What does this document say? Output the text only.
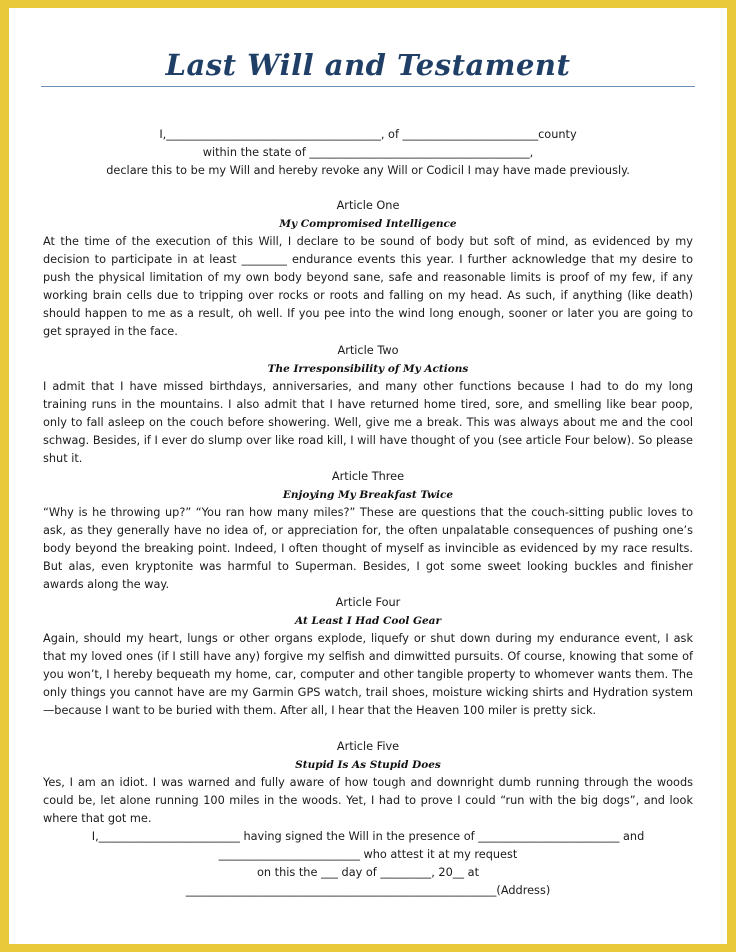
Last Will and Testament
I,______________________________________, of ________________________county
within the state of _______________________________________,
declare this to be my Will and hereby revoke any Will or Codicil I may have made previously.
Article One
My Compromised Intelligence
At the time of the execution of this Will, I declare to be sound of body but soft of mind, as evidenced by my decision to participate in at least ________ endurance events this year. I further acknowledge that my desire to push the physical limitation of my own body beyond sane, safe and reasonable limits is proof of my few, if any working brain cells due to tripping over rocks or roots and falling on my head. As such, if anything (like death) should happen to me as a result, oh well. If you pee into the wind long enough, sooner or later you are going to get sprayed in the face.
Article Two
The Irresponsibility of My Actions
I admit that I have missed birthdays, anniversaries, and many other functions because I had to do my long training runs in the mountains. I also admit that I have returned home tired, sore, and smelling like bear poop, only to fall asleep on the couch before showering. Well, give me a break. This was always about me and the cool schwag. Besides, if I ever do slump over like road kill, I will have thought of you (see article Four below). So please shut it.
Article Three
Enjoying My Breakfast Twice
“Why is he throwing up?” “You ran how many miles?” These are questions that the couch-sitting public loves to ask, as they generally have no idea of, or appreciation for, the often unpalatable consequences of pushing one’s body beyond the breaking point. Indeed, I often thought of myself as invincible as evidenced by my race results. But alas, even kryptonite was harmful to Superman. Besides, I got some sweet looking buckles and finisher awards along the way.
Article Four
At Least I Had Cool Gear
Again, should my heart, lungs or other organs explode, liquefy or shut down during my endurance event, I ask that my loved ones (if I still have any) forgive my selfish and dimwitted pursuits. Of course, knowing that some of you won’t, I hereby bequeath my home, car, computer and other tangible property to whomever wants them. The only things you cannot have are my Garmin GPS watch, trail shoes, moisture wicking shirts and Hydration system—because I want to be buried with them. After all, I hear that the Heaven 100 miler is pretty sick.
Article Five
Stupid Is As Stupid Does
Yes, I am an idiot. I was warned and fully aware of how tough and downright dumb running through the woods could be, let alone running 100 miles in the woods. Yet, I had to prove I could “run with the big dogs”, and look where that got me.
I,_________________________ having signed the Will in the presence of _________________________ and
_________________________ who attest it at my request
on this the ___ day of _________, 20__ at
_______________________________________________________(Address)
